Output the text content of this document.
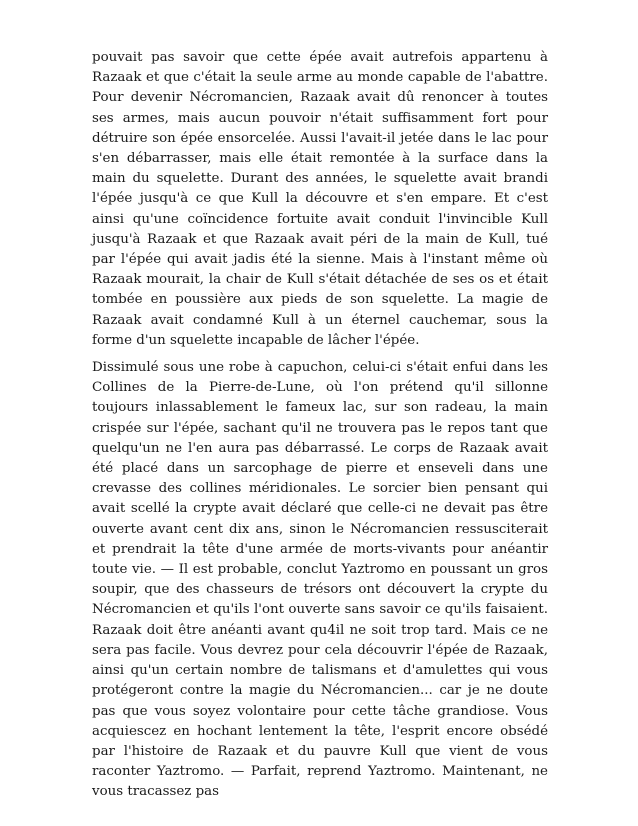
pouvait pas savoir que cette épée avait autrefois appartenu à Razaak et que c'était la seule arme au monde capable de l'abattre. Pour devenir Nécromancien, Razaak avait dû renoncer à toutes ses armes, mais aucun pouvoir n'était suffisamment fort pour détruire son épée ensorcelée. Aussi l'avait-il jetée dans le lac pour s'en débarrasser, mais elle était remontée à la surface dans la main du squelette. Durant des années, le squelette avait brandi l'épée jusqu'à ce que Kull la découvre et s'en empare. Et c'est ainsi qu'une coïncidence fortuite avait conduit l'invincible Kull jusqu'à Razaak et que Razaak avait péri de la main de Kull, tué par l'épée qui avait jadis été la sienne. Mais à l'instant même où Razaak mourait, la chair de Kull s'était détachée de ses os et était tombée en poussière aux pieds de son squelette. La magie de Razaak avait condamné Kull à un éternel cauchemar, sous la forme d'un squelette incapable de lâcher l'épée.

Dissimulé sous une robe à capuchon, celui-ci s'était enfui dans les Collines de la Pierre-de-Lune, où l'on prétend qu'il sillonne toujours inlassablement le fameux lac, sur son radeau, la main crispée sur l'épée, sachant qu'il ne trouvera pas le repos tant que quelqu'un ne l'en aura pas débarrassé. Le corps de Razaak avait été placé dans un sarcophage de pierre et enseveli dans une crevasse des collines méridionales. Le sorcier bien pensant qui avait scellé la crypte avait déclaré que celle-ci ne devait pas être ouverte avant cent dix ans, sinon le Nécromancien ressusciterait et prendrait la tête d'une armée de morts-vivants pour anéantir toute vie. — Il est probable, conclut Yaztromo en poussant un gros soupir, que des chasseurs de trésors ont découvert la crypte du Nécromancien et qu'ils l'ont ouverte sans savoir ce qu'ils faisaient. Razaak doit être anéanti avant qu4il ne soit trop tard. Mais ce ne sera pas facile. Vous devrez pour cela découvrir l'épée de Razaak, ainsi qu'un certain nombre de talismans et d'amulettes qui vous protégeront contre la magie du Nécromancien... car je ne doute pas que vous soyez volontaire pour cette tâche grandiose. Vous acquiescez en hochant lentement la tête, l'esprit encore obsédé par l'histoire de Razaak et du pauvre Kull que vient de vous raconter Yaztromo. — Parfait, reprend Yaztromo. Maintenant, ne vous tracassez pas
